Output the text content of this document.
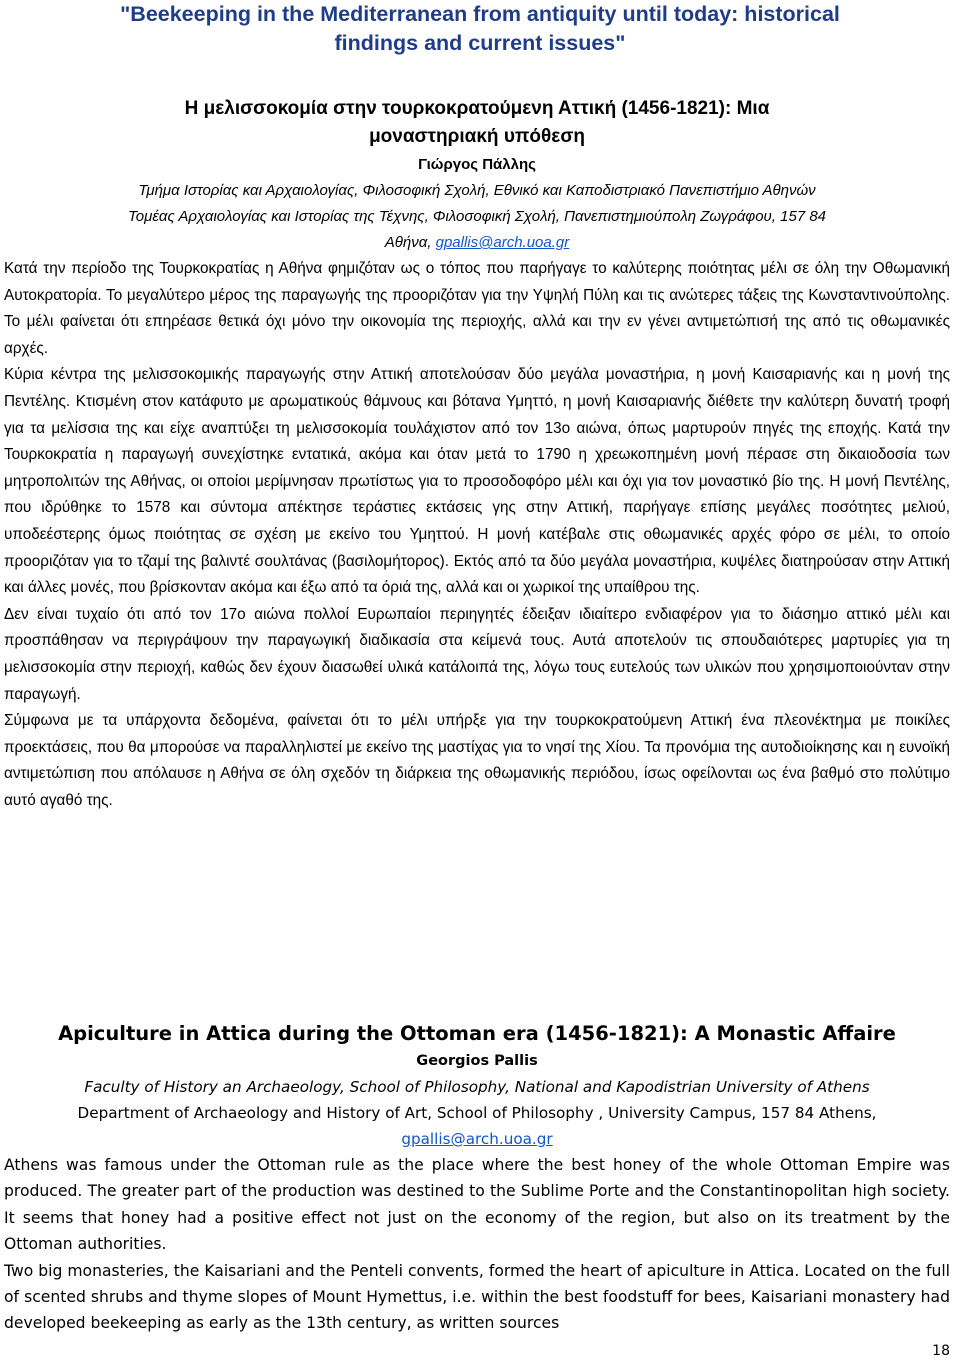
"Beekeeping in the Mediterranean from antiquity until today: historical
findings and current issues"
Η μελισσοκομία στην τουρκοκρατούμενη Αττική (1456-1821): Μια
μοναστηριακή υπόθεση
Γιώργος Πάλλης
Τμήμα Ιστορίας και Αρχαιολογίας, Φιλοσοφική Σχολή, Εθνικό και Καποδιστριακό Πανεπιστήμιο Αθηνών
Τομέας Αρχαιολογίας και Ιστορίας της Τέχνης, Φιλοσοφική Σχολή, Πανεπιστημιούπολη Ζωγράφου, 157 84
Αθήνα, gpallis@arch.uoa.gr

Κατά την περίοδο της Τουρκοκρατίας η Αθήνα φημιζόταν ως ο τόπος που παρήγαγε το καλύτερης ποιότητας μέλι σε όλη την Οθωμανική Αυτοκρατορία. Το μεγαλύτερο μέρος της παραγωγής της προοριζόταν για την Υψηλή Πύλη και τις ανώτερες τάξεις της Κωνσταντινούπολης. Το μέλι φαίνεται ότι επηρέασε θετικά όχι μόνο την οικονομία της περιοχής, αλλά και την εν γένει αντιμετώπισή της από τις οθωμανικές αρχές.

Κύρια κέντρα της μελισσοκομικής παραγωγής στην Αττική αποτελούσαν δύο μεγάλα μοναστήρια, η μονή Καισαριανής και η μονή της Πεντέλης. Κτισμένη στον κατάφυτο με αρωματικούς θάμνους και βότανα Υμηττό, η μονή Καισαριανής διέθετε την καλύτερη δυνατή τροφή για τα μελίσσια της και είχε αναπτύξει τη μελισσοκομία τουλάχιστον από τον 13ο αιώνα, όπως μαρτυρούν πηγές της εποχής. Κατά την Τουρκοκρατία η παραγωγή συνεχίστηκε εντατικά, ακόμα και όταν μετά το 1790 η χρεωκοπημένη μονή πέρασε στη δικαιοδοσία των μητροπολιτών της Αθήνας, οι οποίοι μερίμνησαν πρωτίστως για το προσοδοφόρο μέλι και όχι για τον μοναστικό βίο της. Η μονή Πεντέλης, που ιδρύθηκε το 1578 και σύντομα απέκτησε τεράστιες εκτάσεις γης στην Αττική, παρήγαγε επίσης μεγάλες ποσότητες μελιού, υποδεέστερης όμως ποιότητας σε σχέση με εκείνο του Υμηττού. Η μονή κατέβαλε στις οθωμανικές αρχές φόρο σε μέλι, το οποίο προοριζόταν για το τζαμί της βαλιντέ σουλτάνας (βασιλομήτορος). Εκτός από τα δύο μεγάλα μοναστήρια, κυψέλες διατηρούσαν στην Αττική και άλλες μονές, που βρίσκονταν ακόμα και έξω από τα όριά της, αλλά και οι χωρικοί της υπαίθρου της.

Δεν είναι τυχαίο ότι από τον 17ο αιώνα πολλοί Ευρωπαίοι περιηγητές έδειξαν ιδιαίτερο ενδιαφέρον για το διάσημο αττικό μέλι και προσπάθησαν να περιγράψουν την παραγωγική διαδικασία στα κείμενά τους. Αυτά αποτελούν τις σπουδαιότερες μαρτυρίες για τη μελισσοκομία στην περιοχή, καθώς δεν έχουν διασωθεί υλικά κατάλοιπά της, λόγω τους ευτελούς των υλικών που χρησιμοποιούνταν στην παραγωγή.

Σύμφωνα με τα υπάρχοντα δεδομένα, φαίνεται ότι το μέλι υπήρξε για την τουρκοκρατούμενη Αττική ένα πλεονέκτημα με ποικίλες προεκτάσεις, που θα μπορούσε να παραλληλιστεί με εκείνο της μαστίχας για το νησί της Χίου. Τα προνόμια της αυτοδιοίκησης και η ευνοϊκή αντιμετώπιση που απόλαυσε η Αθήνα σε όλη σχεδόν τη διάρκεια της οθωμανικής περιόδου, ίσως οφείλονται ως ένα βαθμό στο πολύτιμο αυτό αγαθό της.

Apiculture in Attica during the Ottoman era (1456-1821): A Monastic Affaire
Georgios Pallis
Faculty of History an Archaeology, School of Philosophy, National and Kapodistrian University of Athens
Department of Archaeology and History of Art, School of Philosophy , University Campus, 157 84 Athens,
gpallis@arch.uoa.gr

Athens was famous under the Ottoman rule as the place where the best honey of the whole Ottoman Empire was produced. The greater part of the production was destined to the Sublime Porte and the Constantinopolitan high society. It seems that honey had a positive effect not just on the economy of the region, but also on its treatment by the Ottoman authorities.

Two big monasteries, the Kaisariani and the Penteli convents, formed the heart of apiculture in Attica. Located on the full of scented shrubs and thyme slopes of Mount Hymettus, i.e. within the best foodstuff for bees, Kaisariani monastery had developed beekeeping as early as the 13th century, as written sources

18
